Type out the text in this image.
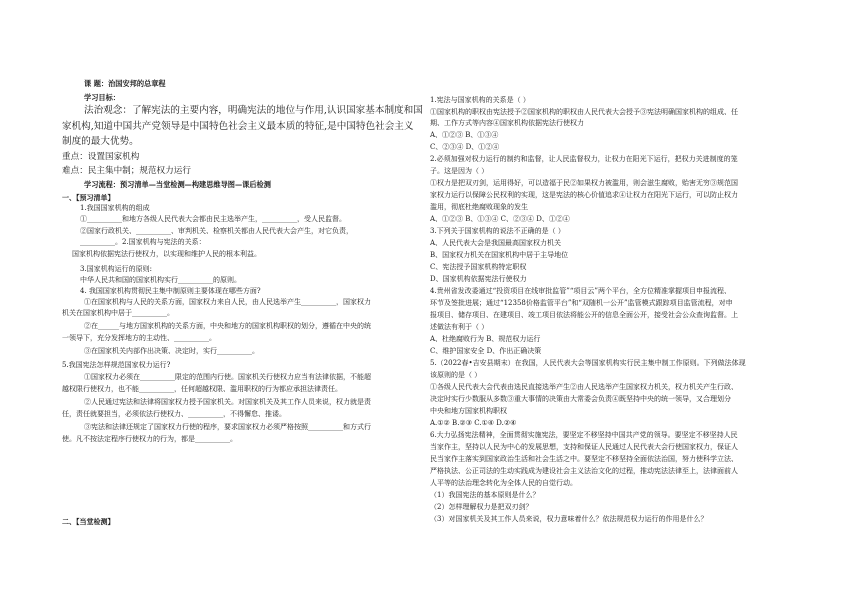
课 题：治国安邦的总章程
学习目标：
法治观念：了解宪法的主要内容，明确宪法的地位与作用,认识国家基本制度和国
家机构,知道中国共产党领导是中国特色社会主义最本质的特征,是中国特色社会主义
制度的最大优势。
重点：设置国家机构
难点：民主集中制；规范权力运行
学习流程：预习清单—当堂检测—构建思维导图—课后检测
一、【预习清单】
1.我国国家机构的组成
①__________和地方各级人民代表大会都由民主选举产生，__________，受人民监督。
②国家行政机关、__________、审判机关、检察机关都由人民代表大会产生，对它负责，
__________。2.国家机构与宪法的关系：
国家机构依据宪法行使权力，以实现和维护人民的根本利益。
3.国家机构运行的原则:
中华人民共和国的国家机构实行__________的原则。
4. 我国国家机构贯彻民主集中制原则主要体现在哪些方面?
①在国家机构与人民的关系方面，国家权力来自人民，由人民选举产生__________，国家权力
机关在国家机构中居于__________。
②在______与地方国家机构的关系方面，中央和地方的国家机构职权的划分，遵循在中央的统
一领导下，充分发挥地方的主动性、__________。
③在国家机关内部作出决策、决定时，实行__________。
5.我国宪法怎样规范国家权力运行?
①国家权力必须在__________限定的范围内行使。国家机关行使权力应当有法律依据，不能超
越权限行使权力，也不能__________，任何超越权限、滥用职权的行为都应承担法律责任。
②人民通过宪法和法律将国家权力授予国家机关。对国家机关及其工作人员来说，权力就是责
任，责任就要担当，必须依法行使权力、__________，不得懈怠、推诿。
③宪法和法律还规定了国家权力行使的程序，要求国家权力必须严格按照__________和方式行
使。凡不按法定程序行使权力的行为，都是__________。
二、【当堂检测】
1.宪法与国家机构的关系是（ ）
①国家机构的职权由宪法授予②国家机构的职权由人民代表大会授予③宪法明确国家机构的组成、任
期、工作方式等内容④国家机构依据宪法行使权力
A、①②③ B、①③④
C、②③④ D、①②④
2.必须加强对权力运行的制约和监督，让人民监督权力，让权力在阳光下运行，把权力关进制度的笼
子。这是因为（ ）
①权力是把双刃剑，运用得好，可以造福于民②如果权力被滥用，则会滋生腐败，贻害无穷③规范国
家权力运行以保障公民权利的实现，这是宪法的核心价值追求④让权力在阳光下运行，可以防止权力
滥用，彻底杜绝腐败现象的发生
A、①②③ B、①③④ C、②③④ D、①②④
3.下列关于国家机构的说法不正确的是（ ）
A、人民代表大会是我国最高国家权力机关
B、国家权力机关在国家机构中居于主导地位
C、宪法授予国家机构特定职权
D、国家机构依据宪法行使权力
4.贵州省发改委通过“投资项目在线审批监管”“项目云”两个平台，全方位精准掌握项目申报流程、
环节及签批进展；通过“12358价格监管平台”和“双随机一公开”监管模式跟踪项目监管流程，对申
报项目、储存项目、在建项目、竣工项目依法将能公开的信息全面公开，接受社会公众查询监督。上
述做法有利于（ ）
A、杜绝腐败行为 B、规范权力运行
C、维护国家安全 D、作出正确决策
5.（2022春•吉安县期末）在我国，人民代表大会等国家机构实行民主集中制工作原则。下列做法体现
该原则的是（ ）
①各级人民代表大会代表由选民直接选举产生②由人民选举产生国家权力机关，权力机关产生行政、
决定时实行少数服从多数③重大事情的决策由大常委会负责④既坚持中央的统一领导，又合理划分
中央和地方国家机构职权
A.①② B.②③ C.①④ D.②④
6.大力弘扬宪法精神，全面贯彻实施宪法，要坚定不移坚持中国共产党的领导。要坚定不移坚持人民
当家作主，坚持以人民为中心的发展思想，支持和保证人民通过人民代表大会行使国家权力，保证人
民当家作主落实到国家政治生活和社会生活之中。要坚定不移坚持全面依法治国，努力使科学立法、
严格执法、公正司法的生动实践成为建设社会主义法治文化的过程，推动宪法法律至上，法律面前人
人平等的法治理念转化为全体人民的自觉行动。
（1）我国宪法的基本原则是什么？
（2）怎样理解权力是把双刃剑？
（3）对国家机关及其工作人员来说，权力意味着什么？依法规范权力运行的作用是什么？
